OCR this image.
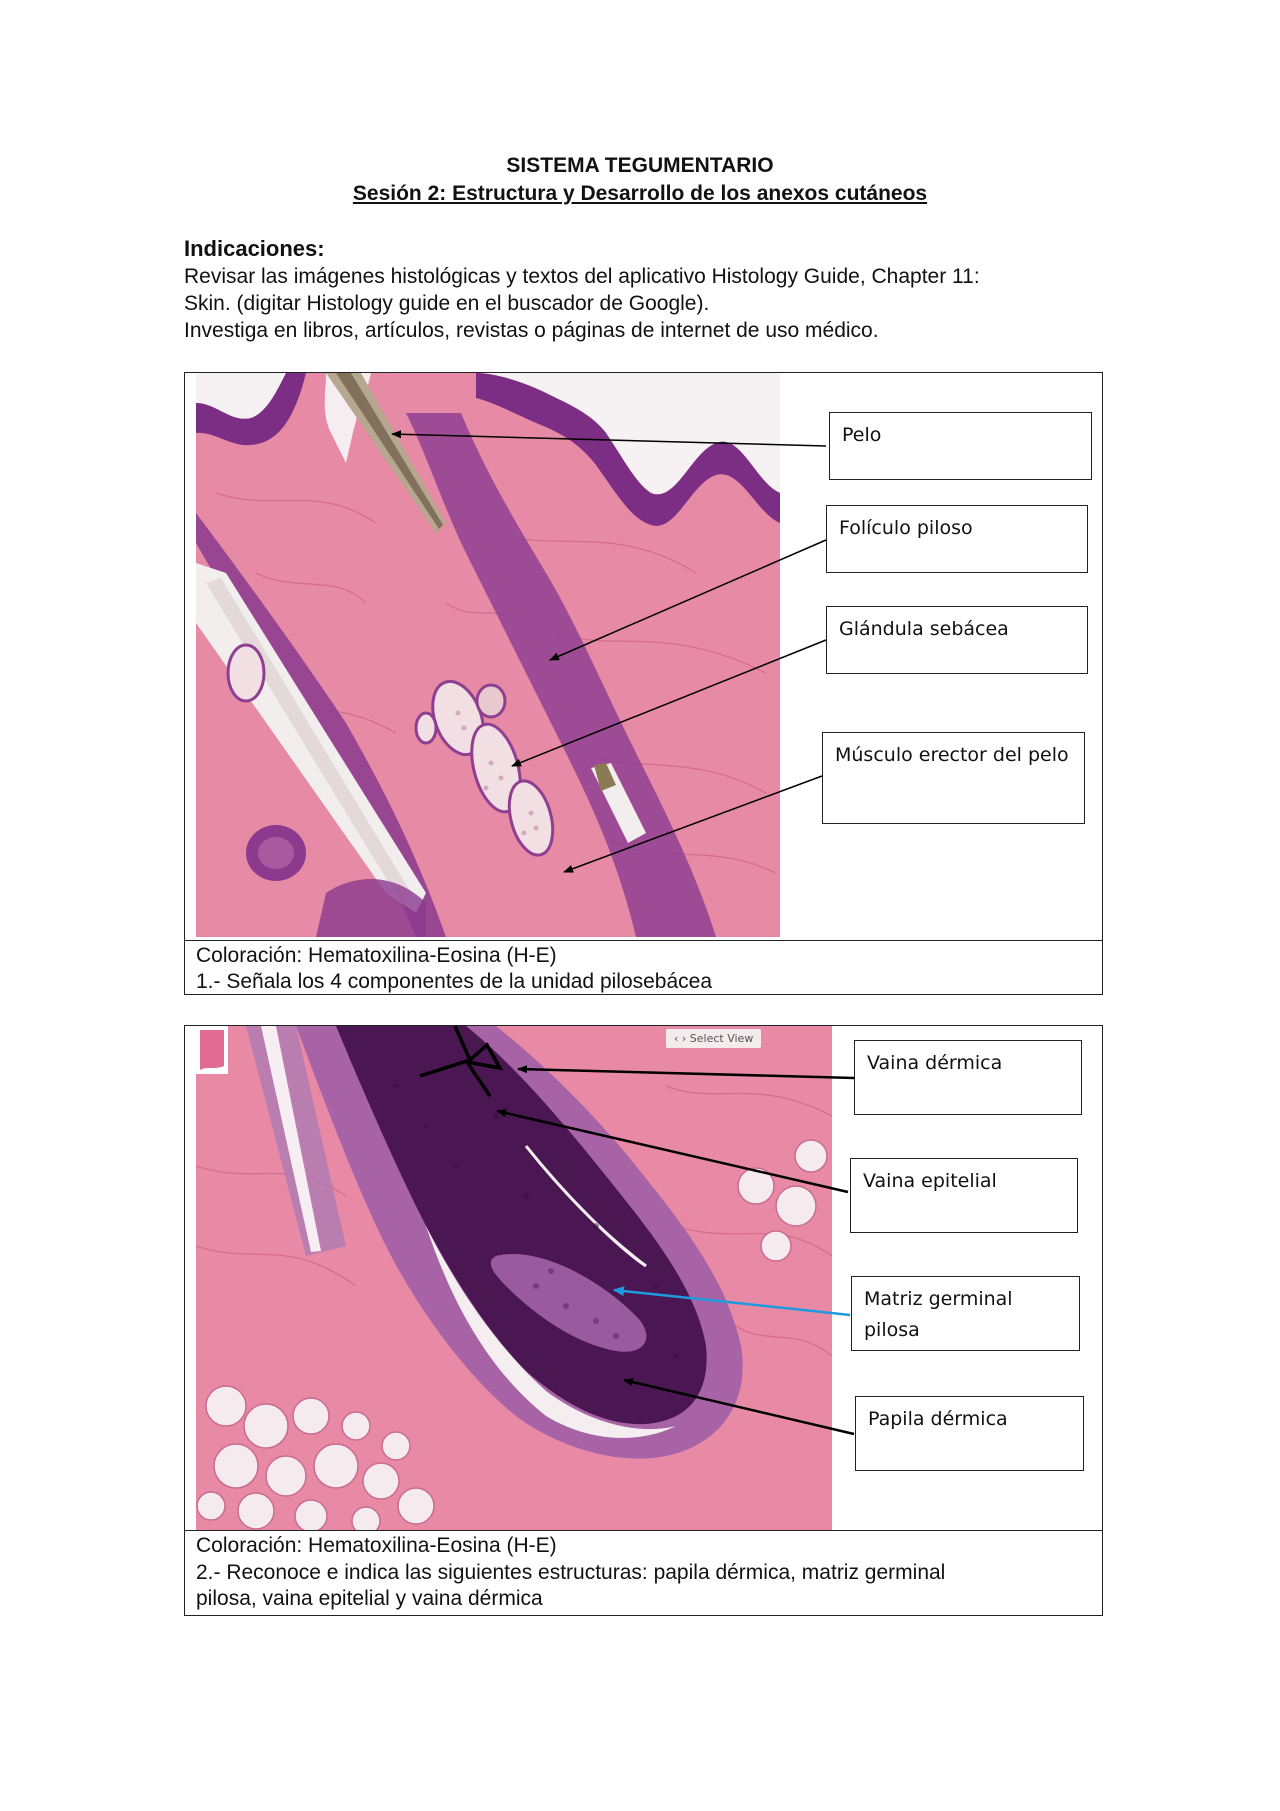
SISTEMA TEGUMENTARIO
Sesión 2: Estructura y Desarrollo de los anexos cutáneos
Indicaciones:
Revisar las imágenes histológicas y textos del aplicativo Histology Guide, Chapter 11:
Skin. (digitar Histology guide en el buscador de Google).
Investiga en libros, artículos, revistas o páginas de internet de uso médico.
Pelo
Folículo piloso
Glándula sebácea
Músculo erector del pelo
Coloración: Hematoxilina-Eosina (H-E)
1.- Señala los 4 componentes de la unidad pilosebácea
‹ › Select View
Vaina dérmica
Vaina epitelial
Matriz germinal pilosa
Papila dérmica
Coloración: Hematoxilina-Eosina (H-E)
2.- Reconoce e indica las siguientes estructuras: papila dérmica, matriz germinal
pilosa, vaina epitelial y vaina dérmica
